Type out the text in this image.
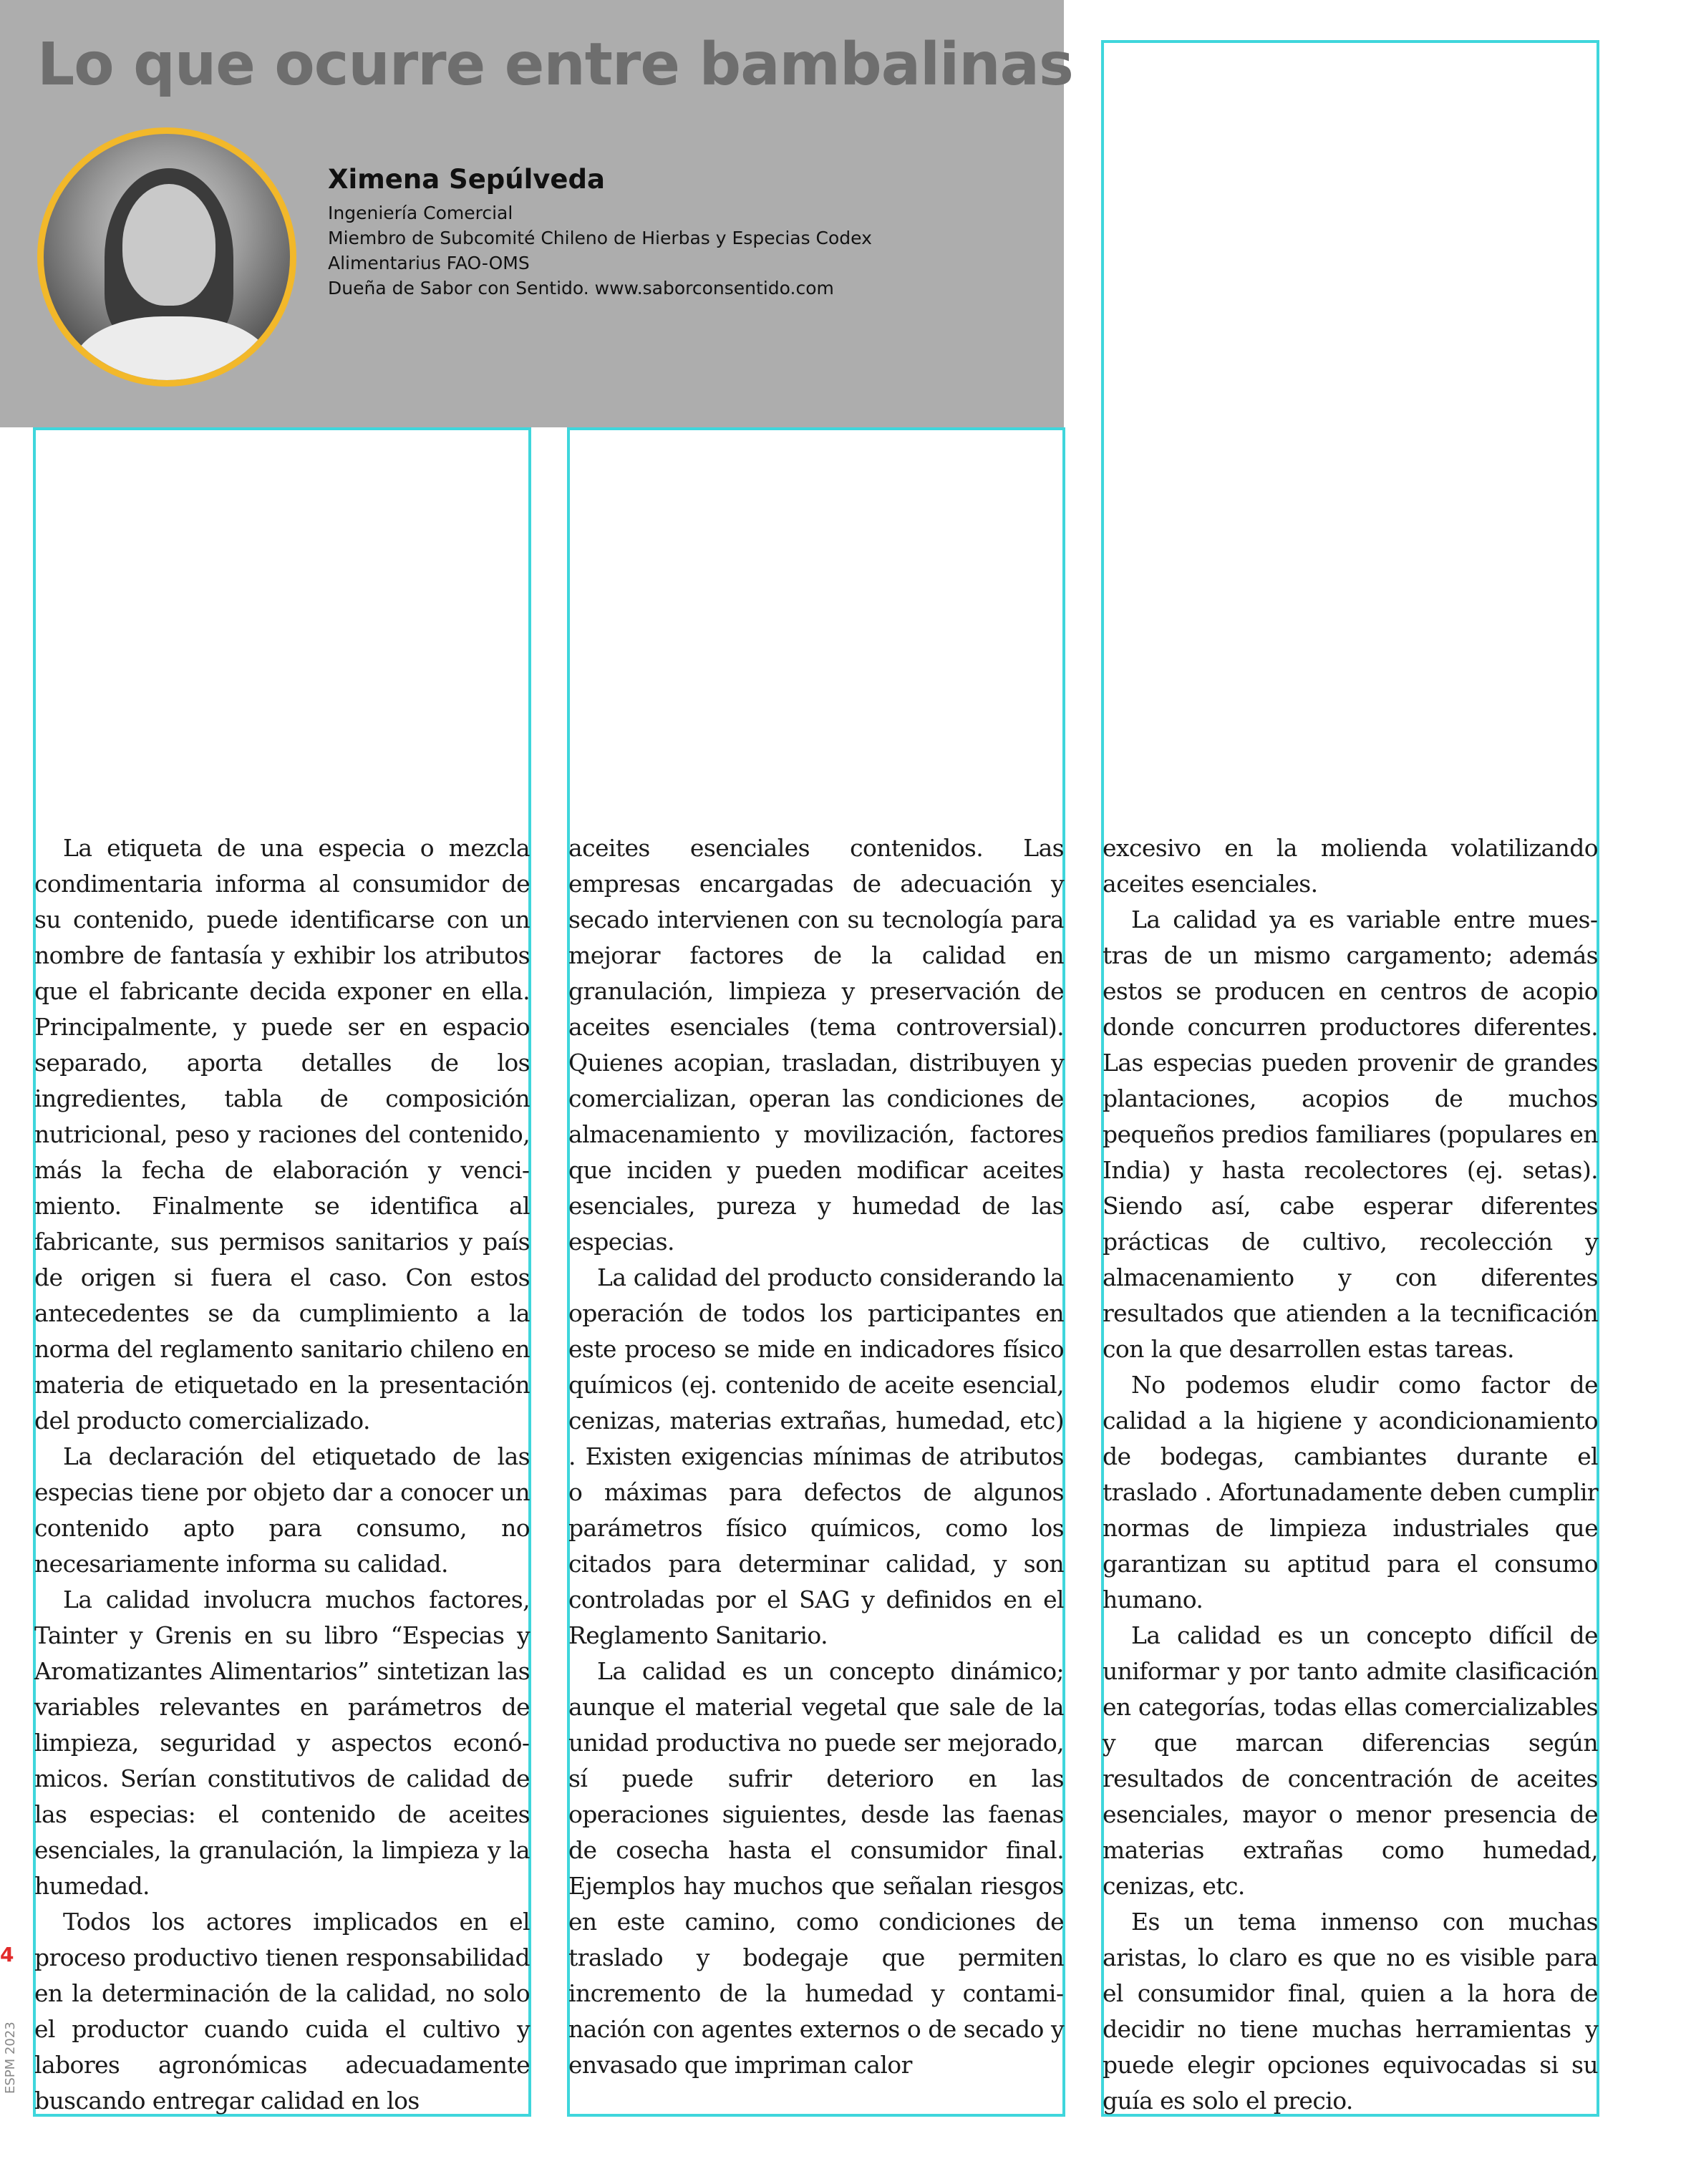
Lo que ocurre entre bambalinas
Ximena Sepúlveda
Ingeniería Comercial
Miembro de Subcomité Chileno de Hierbas y Especias Codex
Alimentarius FAO-OMS
Dueña de Sabor con Sentido. www.saborconsentido.com

La etiqueta de una especia o mezcla condimentaria informa al consumidor de su contenido, puede identificarse con un nombre de fantasía y exhibir los atributos que el fabricante decida exponer en ella. Principalmente, y puede ser en espacio separado, aporta detalles de los ingredientes, tabla de composición nutricional, peso y raciones del contenido, más la fecha de elaboración y vencimiento. Finalmente se identifica al fabricante, sus permisos sanitarios y país de origen si fuera el caso. Con estos antecedentes se da cumplimiento a la norma del reglamento sanitario chileno en materia de etiquetado en la presentación del producto comercializado.

La declaración del etiquetado de las especias tiene por objeto dar a conocer un contenido apto para consumo, no necesariamente informa su calidad.

La calidad involucra muchos factores, Tainter y Grenis en su libro “Especias y Aromatizantes Alimentarios” sintetizan las variables relevantes en parámetros de limpieza, seguridad y aspectos económicos. Serían constitutivos de calidad de las especias: el contenido de aceites esenciales, la granulación, la limpieza y la humedad.

Todos los actores implicados en el proceso productivo tienen responsabilidad en la determinación de la calidad, no solo el productor cuando cuida el cultivo y labores agronómicas adecuadamente buscando entregar calidad en los

aceites esenciales contenidos. Las empresas encargadas de adecuación y secado intervienen con su tecnología para mejorar factores de la calidad en granulación, limpieza y preservación de aceites esenciales (tema controversial). Quienes acopian, trasladan, distribuyen y comercializan, operan las condiciones de almacenamiento y movilización, factores que inciden y pueden modificar aceites esenciales, pureza y humedad de las especias.

La calidad del producto considerando la operación de todos los participantes en este proceso se mide en indicadores físico químicos (ej. contenido de aceite esencial, cenizas, materias extrañas, humedad, etc) . Existen exigencias mínimas de atributos o máximas para defectos de algunos parámetros físico químicos, como los citados para determinar calidad, y son controladas por el SAG y definidos en el Reglamento Sanitario.

La calidad es un concepto dinámico; aunque el material vegetal que sale de la unidad productiva no puede ser mejorado, sí puede sufrir deterioro en las operaciones siguientes, desde las faenas de cosecha hasta el consumidor final. Ejemplos hay muchos que señalan riesgos en este camino, como condiciones de traslado y bodegaje que permiten incremento de la humedad y contaminación con agentes externos o de secado y envasado que impriman calor

excesivo en la molienda volatilizando aceites esenciales.

La calidad ya es variable entre muestras de un mismo cargamento; además estos se producen en centros de acopio donde concurren productores diferentes. Las especias pueden provenir de grandes plantaciones, acopios de muchos pequeños predios familiares (populares en India) y hasta recolectores (ej. setas). Siendo así, cabe esperar diferentes prácticas de cultivo, recolección y almacenamiento y con diferentes resultados que atienden a la tecnificación con la que desarrollen estas tareas.

No podemos eludir como factor de calidad a la higiene y acondicionamiento de bodegas, cambiantes durante el traslado . Afortunadamente deben cumplir normas de limpieza industriales que garantizan su aptitud para el consumo humano.

La calidad es un concepto difícil de uniformar y por tanto admite clasificación en categorías, todas ellas comercializables y que marcan diferencias según resultados de concentración de aceites esenciales, mayor o menor presencia de materias extrañas como humedad, cenizas, etc.

Es un tema inmenso con muchas aristas, lo claro es que no es visible para el consumidor final, quien a la hora de decidir no tiene muchas herramientas y puede elegir opciones equivocadas si su guía es solo el precio.

4
ESPM 2023
